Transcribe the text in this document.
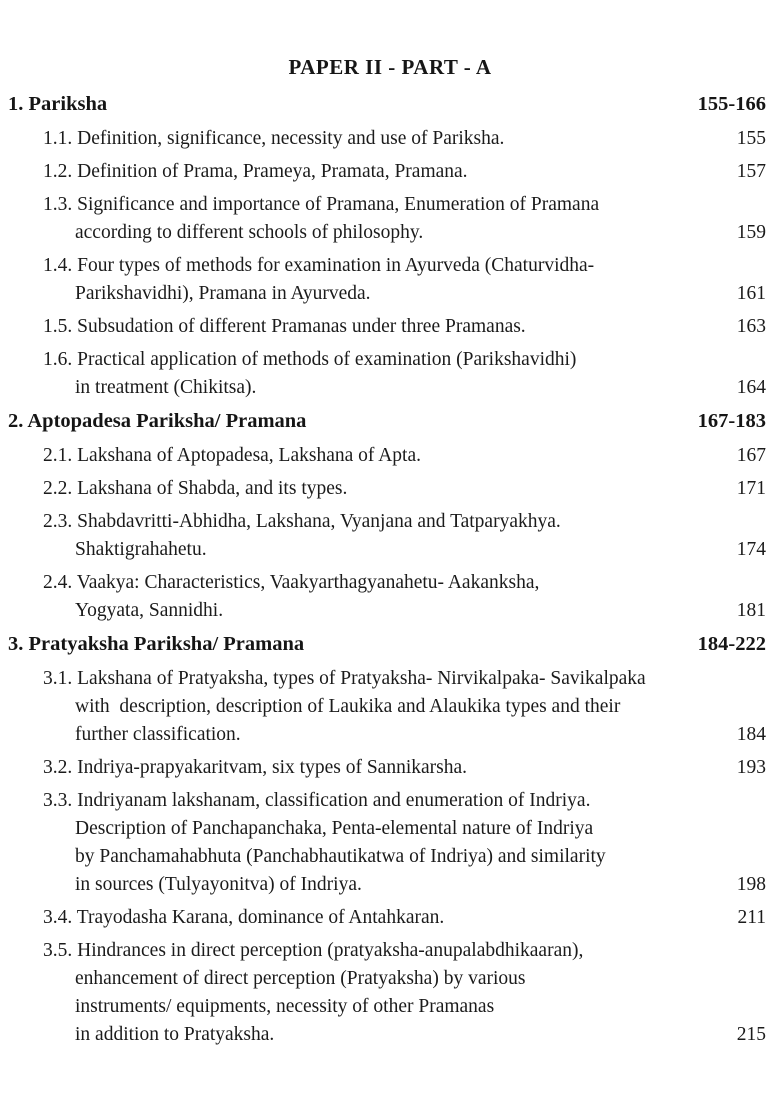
PAPER II - PART - A
1. Pariksha	155-166
1.1. Definition, significance, necessity and use of Pariksha.	155
1.2. Definition of Prama, Prameya, Pramata, Pramana.	157
1.3. Significance and importance of Pramana, Enumeration of Pramana
according to different schools of philosophy.	159
1.4. Four types of methods for examination in Ayurveda (Chaturvidha-
Parikshavidhi), Pramana in Ayurveda.	161
1.5. Subsudation of different Pramanas under three Pramanas.	163
1.6. Practical application of methods of examination (Parikshavidhi)
in treatment (Chikitsa).	164
2. Aptopadesa Pariksha/ Pramana	167-183
2.1. Lakshana of Aptopadesa, Lakshana of Apta.	167
2.2. Lakshana of Shabda, and its types.	171
2.3. Shabdavritti-Abhidha, Lakshana, Vyanjana and Tatparyakhya.
Shaktigrahahetu.	174
2.4. Vaakya: Characteristics, Vaakyarthagyanahetu- Aakanksha,
Yogyata, Sannidhi.	181
3. Pratyaksha Pariksha/ Pramana	184-222
3.1. Lakshana of Pratyaksha, types of Pratyaksha- Nirvikalpaka- Savikalpaka
with  description, description of Laukika and Alaukika types and their
further classification.	184
3.2. Indriya-prapyakaritvam, six types of Sannikarsha.	193
3.3. Indriyanam lakshanam, classification and enumeration of Indriya.
Description of Panchapanchaka, Penta-elemental nature of Indriya
by Panchamahabhuta (Panchabhautikatwa of Indriya) and similarity
in sources (Tulyayonitva) of Indriya.	198
3.4. Trayodasha Karana, dominance of Antahkaran.	211
3.5. Hindrances in direct perception (pratyaksha-anupalabdhikaaran),
enhancement of direct perception (Pratyaksha) by various
instruments/ equipments, necessity of other Pramanas
in addition to Pratyaksha.	215
